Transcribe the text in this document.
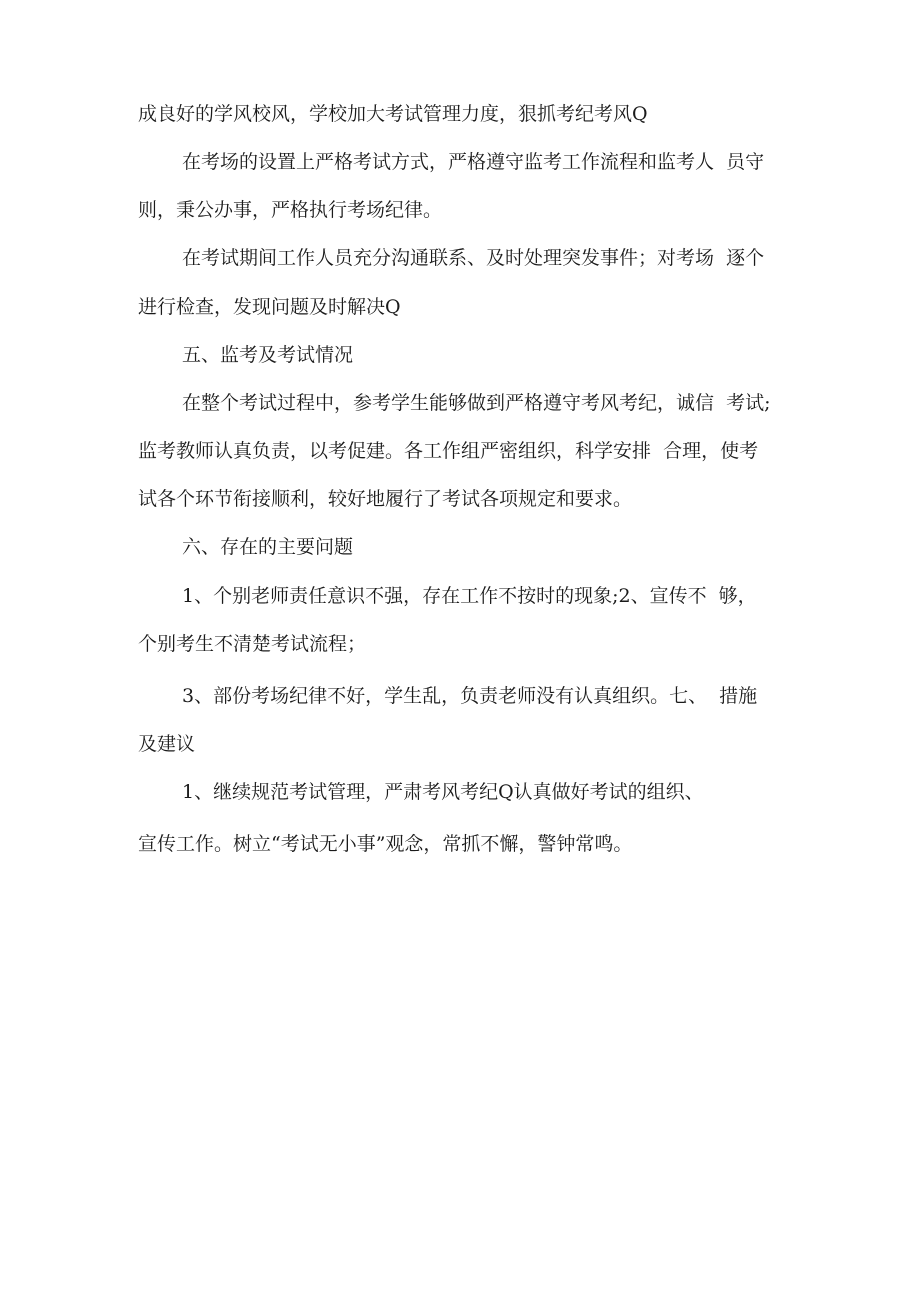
成良好的学风校风，学校加大考试管理力度，狠抓考纪考风Q
在考场的设置上严格考试方式，严格遵守监考工作流程和监考人  员守
则，秉公办事，严格执行考场纪律。
在考试期间工作人员充分沟通联系、及时处理突发事件；对考场  逐个
进行检查，发现问题及时解决Q
五、监考及考试情况
在整个考试过程中，参考学生能够做到严格遵守考风考纪，诚信  考试;
监考教师认真负责，以考促建。各工作组严密组织，科学安排  合理，使考
试各个环节衔接顺利，较好地履行了考试各项规定和要求。
六、存在的主要问题
1、个别老师责任意识不强，存在工作不按时的现象;2、宣传不  够，
个别考生不清楚考试流程；
3、部份考场纪律不好，学生乱，负责老师没有认真组织。七、  措施
及建议
1、继续规范考试管理，严肃考风考纪Q认真做好考试的组织、
宣传工作。树立“考试无小事”观念，常抓不懈，警钟常鸣。
